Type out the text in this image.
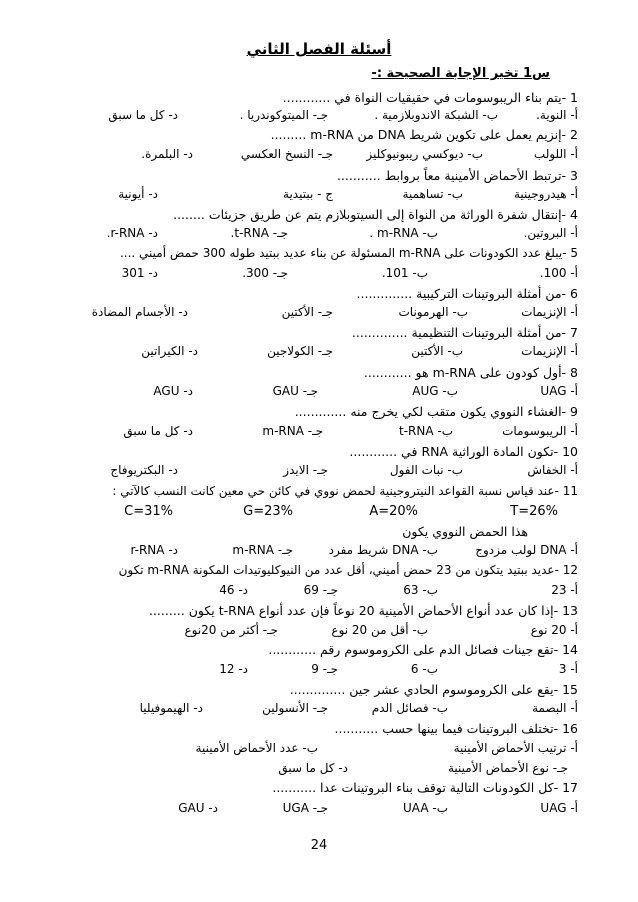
أسئلة الفصل الثاني
س1 تخير الإجابة الصحيحة :-
1 -يتم بناء الريبوسومات في حقيقيات النواة في ............
أ- النوية.
ب- الشبكة الاندوبلازمية .
جـ- الميتوكوندريا .
د- كل ما سبق
2 -إنزيم يعمل على تكوين شريط DNA من m-RNA .........
أ- اللولب
ب- ديوكسي ريبونيوكليز
جـ- النسخ العكسي
د- البلمرة.
3 -ترتبط الأحماض الأمينية معاً بروابط ...........
أ- هيدروجينية
ب- تساهمية
ج - ببتيدية
د- أيونية
4 -إنتقال شفرة الوراثة من النواة إلى السيتوبلازم يتم عن طريق جزيئات ........
أ- البروتين.
ب- m-RNA .
جـ- t-RNA.
د- r-RNA.
5 -يبلغ عدد الكودونات على m-RNA المسئولة عن بناء عديد ببتيد طوله 300 حمض أميني ....
أ- 100.
ب- 101.
جـ- 300.
د- 301
6 -من أمثلة البروتينات التركيبية ..............
أ- الإنزيمات
ب- الهرمونات
جـ- الأكتين
د- الأجسام المضادة
7 -من أمثلة البروتينات التنظيمية ..............
أ- الإنزيمات
ب- الأكتين
جـ- الكولاجين
د- الكيراتين
8 -أول كودون على m-RNA هو ............
أ- UAG
ب- AUG
جـ- GAU
د- AGU
9 -الغشاء النووي يكون متقب لكي يخرج منه .............
أ- الريبوسومات
ب- t-RNA
جـ- m-RNA
د- كل ما سبق
10 -تكون المادة الوراثية RNA في ............
أ- الخفاش
ب- نبات الفول
جـ- الايدز
د- البكتريوفاج
11 -عند قياس نسبة القواعد النيتروجينية لحمض نووي في كائن حي معين كانت النسب كالآتي :
T=26%
A=20%
G=23%
C=31%
هذا الحمض النووي يكون
أ- DNA لولب مزدوج
ب- DNA شريط مفرد
جـ- m-RNA
د- r-RNA
12 -عديد ببتيد يتكون من 23 حمض أميني، أقل عدد من النيوكليوتيدات المكونة m-RNA تكون
أ- 23
ب- 63
جـ- 69
د- 46
13 -إذا كان عدد أنواع الأحماض الأمينية 20 نوعاً فإن عدد أنواع t-RNA يكون .........
أ- 20 نوع
ب- أقل من 20 نوع
جـ- أكثر من 20نوع
14 -تقع جينات فصائل الدم على الكروموسوم رقم ............
أ- 3
ب- 6
جـ- 9
د- 12
15 -يقع على الكروموسوم الحادي عشر جين ..............
أ- البصمة
ب- فصائل الدم
جـ- الأنسولين
د- الهيموفيليا
16 -تختلف البروتينات فيما بينها حسب ...........
أ- ترتيب الأحماض الأمينية
ب- عدد الأحماض الأمينية
جـ- نوع الأحماض الأمينية
د- كل ما سبق
17 -كل الكودونات التالية توقف بناء البروتينات عدا ...........
أ- UAG
ب- UAA
جـ- UGA
د- GAU
24
